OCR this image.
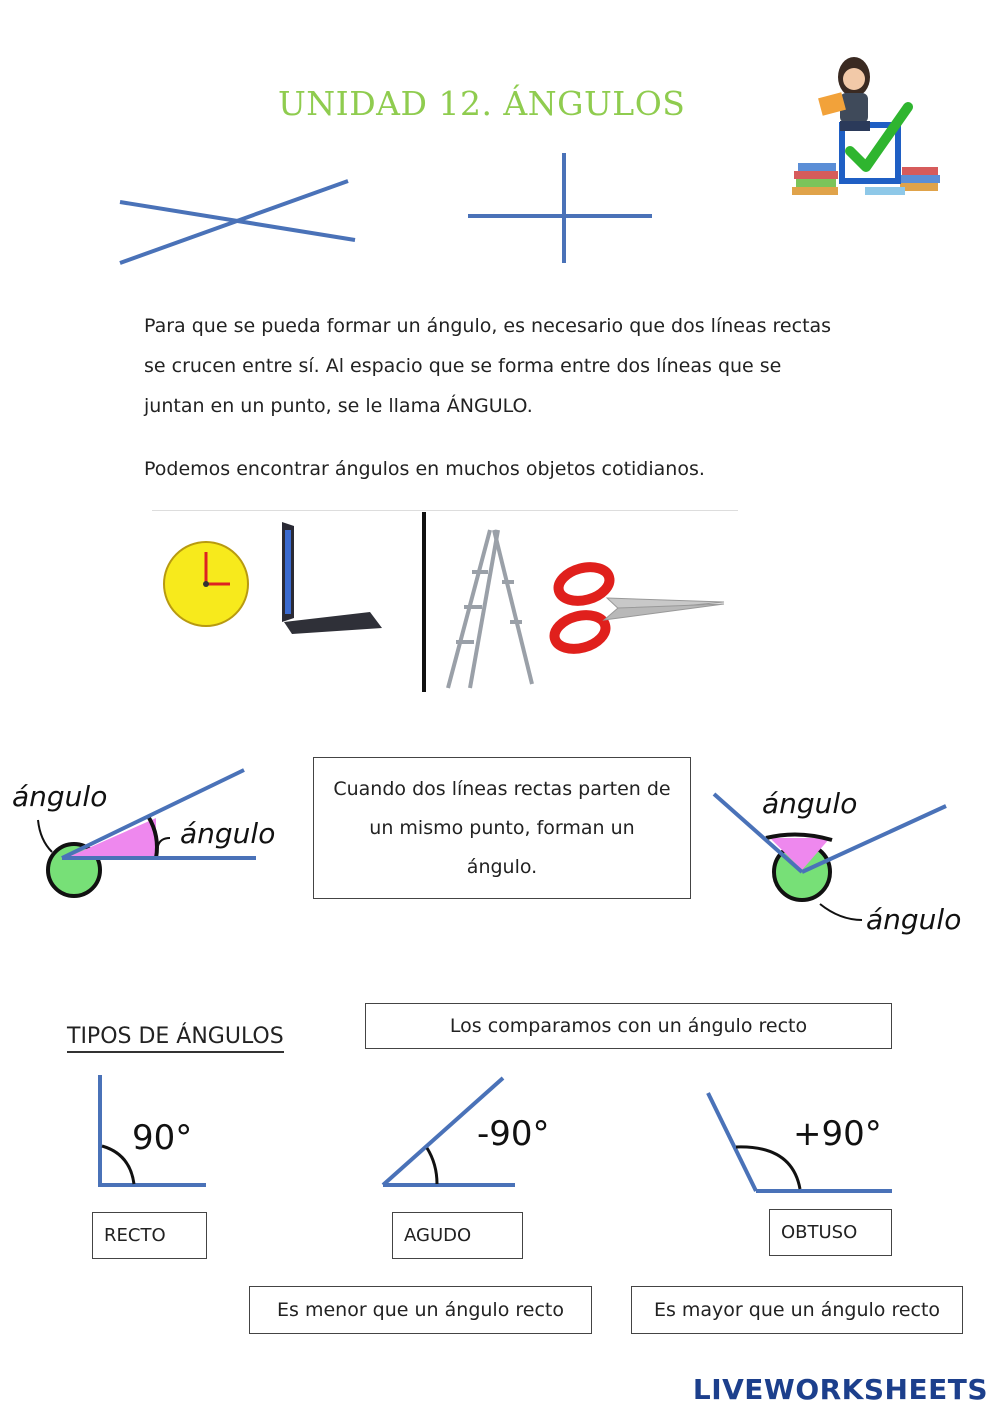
UNIDAD 12. ÁNGULOS
Para que se pueda formar un ángulo, es necesario que dos líneas rectas
se crucen entre sí. Al espacio que se forma entre dos líneas que se
juntan en un punto, se le llama ÁNGULO.
Podemos encontrar ángulos en muchos objetos cotidianos.
ángulo
ángulo
Cuando dos líneas rectas parten de
un mismo punto, forman un
ángulo.
ángulo
ángulo
TIPOS DE ÁNGULOS	Los comparamos con un ángulo recto
90°
RECTO
-90°
AGUDO
+90°
OBTUSO
Es menor que un ángulo recto	Es mayor que un ángulo recto
LIVEWORKSHEETS
